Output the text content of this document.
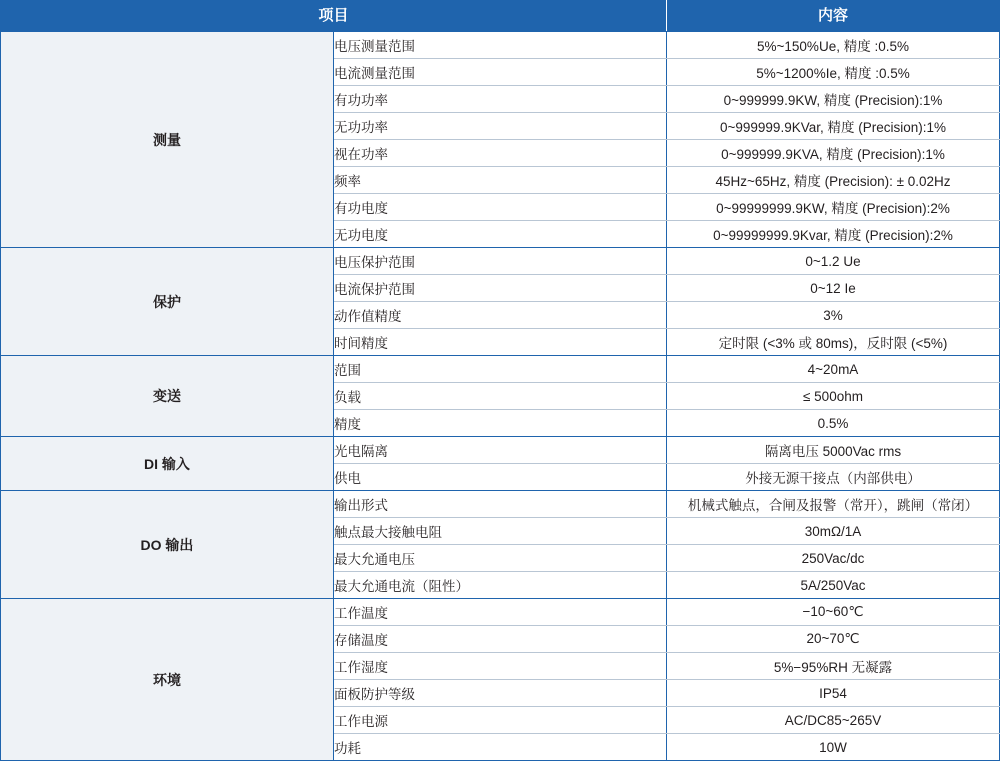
项目		内容
测量	电压测量范围	5%~150%Ue, 精度 :0.5%
	电流测量范围	5%~1200%Ie, 精度 :0.5%
	有功功率	0~999999.9KW, 精度 (Precision):1%
	无功功率	0~999999.9KVar, 精度 (Precision):1%
	视在功率	0~999999.9KVA, 精度 (Precision):1%
	频率	45Hz~65Hz, 精度 (Precision): ± 0.02Hz
	有功电度	0~99999999.9KW, 精度 (Precision):2%
	无功电度	0~99999999.9Kvar, 精度 (Precision):2%
保护	电压保护范围	0~1.2 Ue
	电流保护范围	0~12 Ie
	动作值精度	3%
	时间精度	定时限 (<3% 或 80ms)，反时限 (<5%)
变送	范围	4~20mA
	负载	≤ 500ohm
	精度	0.5%
DI 输入	光电隔离	隔离电压 5000Vac rms
	供电	外接无源干接点（内部供电）
DO 输出	输出形式	机械式触点，合闸及报警（常开），跳闸（常闭）
	触点最大接触电阻	30mΩ/1A
	最大允通电压	250Vac/dc
	最大允通电流（阻性）	5A/250Vac
环境	工作温度	−10~60℃
	存储温度	20~70℃
	工作湿度	5%−95%RH 无凝露
	面板防护等级	IP54
	工作电源	AC/DC85~265V
	功耗	10W
